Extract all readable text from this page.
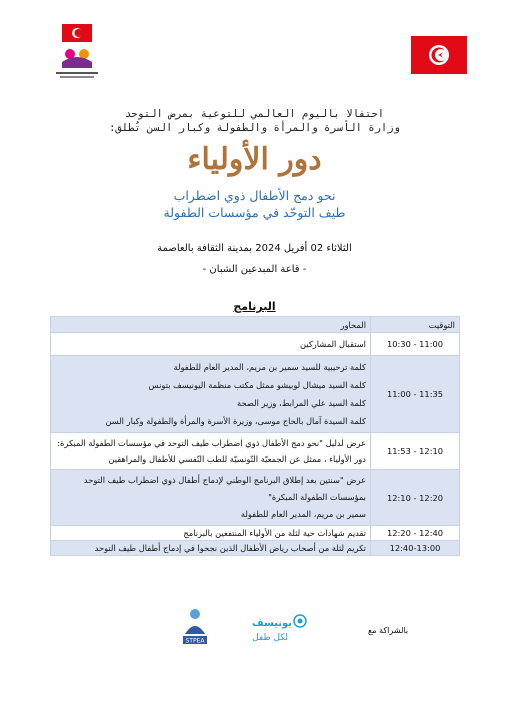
احتفالا باليوم العالمي للتوعية بمرض التوحد
وزارة الأسرة والمرأة والطفولة وكبار السن تُطلق:
دور الأولياء
نحو دمج الأطفال ذوي اضطراب
طيف التوحّد في مؤسسات الطفولة
الثلاثاء 02 أفريل 2024 بمدينة الثقافة بالعاصمة
- قاعة المبدعين الشبان -
البرنامج
التوقيت	المحاور
10:30 - 11:00	استقبال المشاركين

11:00 - 11:35	كلمة ترحيبية للسيد سمير بن مريم، المدير العام للطفولة
كلمة السيد ميشال لوبيشو ممثل مكتب منظمة اليونيسف بتونس
كلمة السيد علي المرابط، وزير الصحة
كلمة السيدة آمال بالحاج موسى، وزيرة الأسرة والمرأة والطفولة وكبار السن

11:53 - 12:10	عرض لدليل "نحو دمج الأطفال ذوي اضطراب طيف التوحد في مؤسسات الطفولة المبكرة: دور الأولياء ، ممثل عن الجمعيّة التّونسيّة للطب النّفسي للأطفال والمراهقين
12:10 - 12:20	عرض "سنتين بعد إطلاق البرنامج الوطني لإدماج أطفال ذوي اضطراب طيف التوحد بمؤسسات الطفولة المبكرة"
سمير بن مريم، المدير العام للطفولة

12:20 - 12:40	تقديم شهادات حية لثلة من الأولياء المنتفعين بالبرنامج
12:40-13:00	تكريم لثلة من أصحاب رياض الأطفال الذين نجحوا في إدماج أطفال طيف التوحد
بالشراكة مع
يونيسف
لكل طفل
STPEA
